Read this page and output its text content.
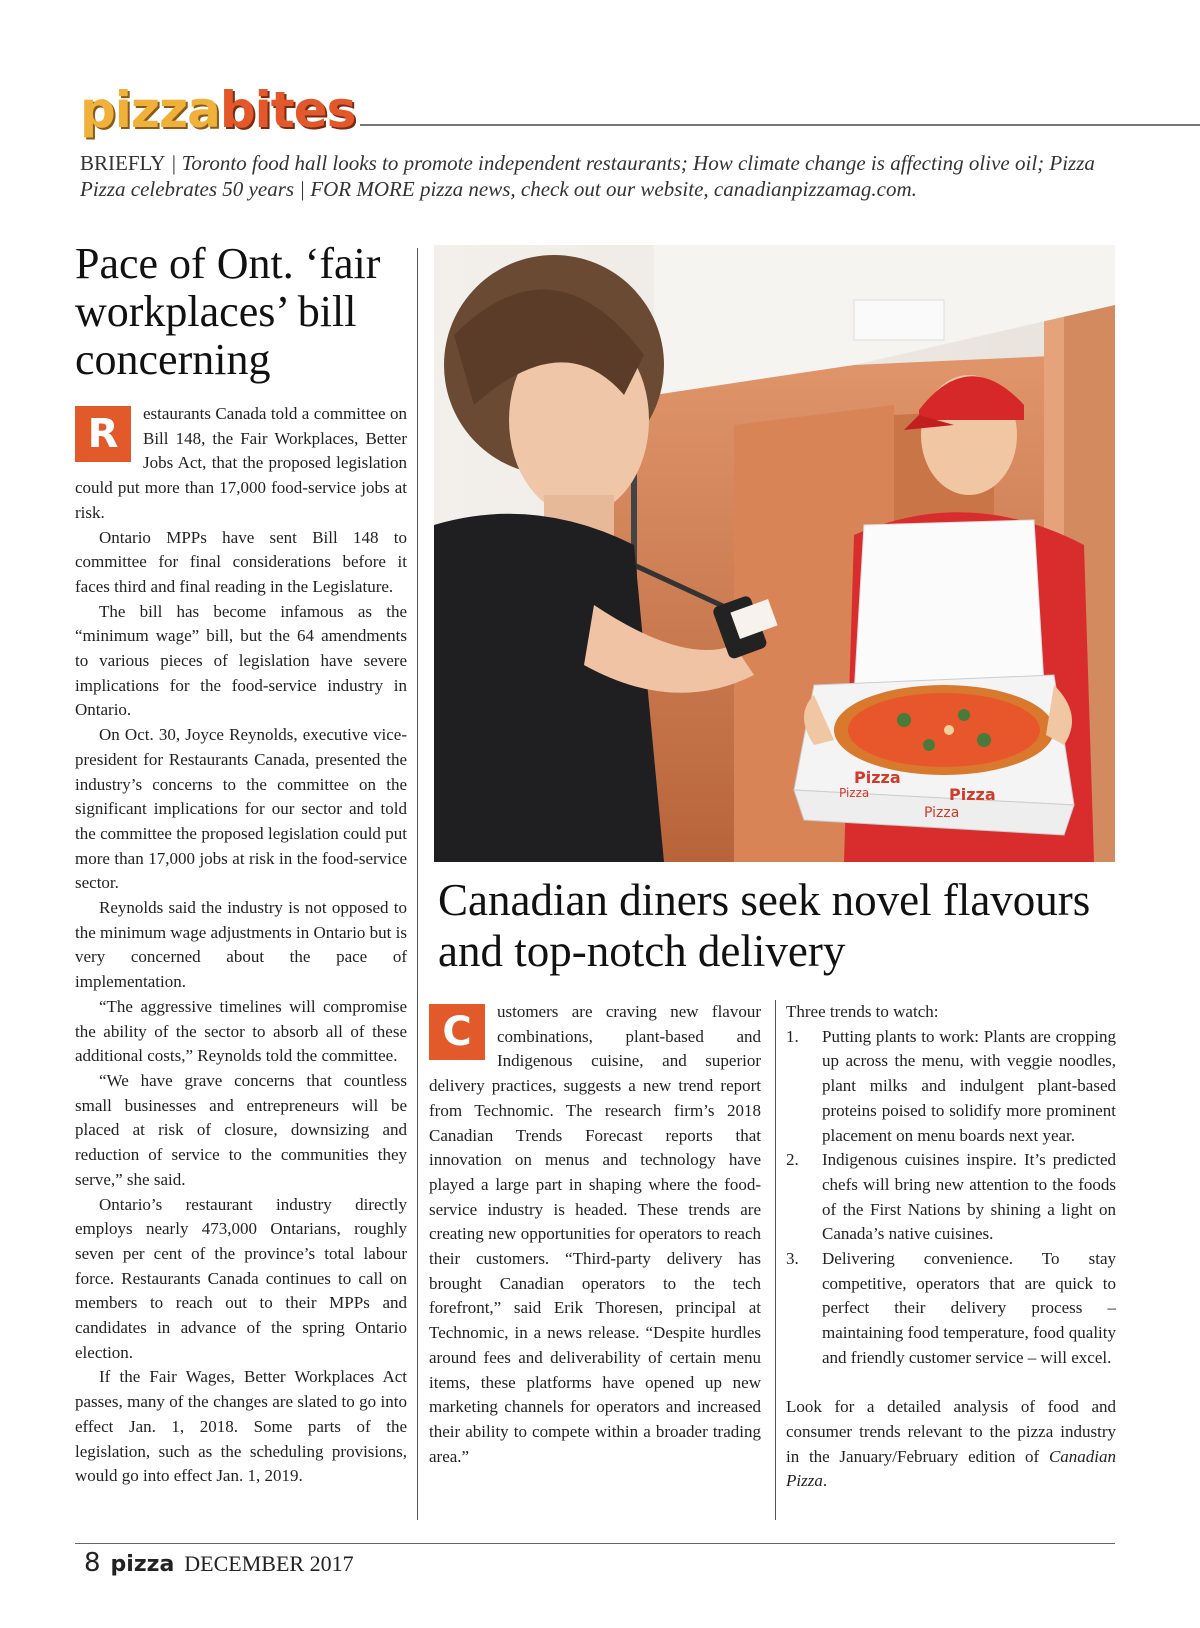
pizzabites
BRIEFLY | Toronto food hall looks to promote independent restaurants; How climate change is affecting olive oil; Pizza Pizza celebrates 50 years | FOR MORE pizza news, check out our website, canadianpizzamag.com.
Pace of Ont. ‘fair workplaces’ bill concerning

R	estaurants Canada told a committee on Bill 148, the Fair Workplaces, Better Jobs Act, that the proposed legislation could put more than 17,000 food-service jobs at risk.

Ontario MPPs have sent Bill 148 to committee for final considerations before it faces third and final reading in the Legislature.

The bill has become infamous as the “minimum wage” bill, but the 64 amendments to various pieces of legislation have severe implications for the food-service industry in Ontario.

On Oct. 30, Joyce Reynolds, executive vice-president for Restaurants Canada, presented the industry’s concerns to the committee on the significant implications for our sector and told the committee the proposed legislation could put more than 17,000 jobs at risk in the food-service sector.

Reynolds said the industry is not opposed to the minimum wage adjustments in Ontario but is very concerned about the pace of implementation.

“The aggressive timelines will compromise the ability of the sector to absorb all of these additional costs,” Reynolds told the committee.

“We have grave concerns that countless small businesses and entrepreneurs will be placed at risk of closure, downsizing and reduction of service to the communities they serve,” she said.

Ontario’s restaurant industry directly employs nearly 473,000 Ontarians, roughly seven per cent of the province’s total labour force. Restaurants Canada continues to call on members to reach out to their MPPs and candidates in advance of the spring Ontario election.

If the Fair Wages, Better Workplaces Act passes, many of the changes are slated to go into effect Jan. 1, 2018. Some parts of the legislation, such as the scheduling provisions, would go into effect Jan. 1, 2019.

Pizza
Pizza
Pizza
Pizza
Canadian diners seek novel flavours and top-notch delivery

C	ustomers are craving new flavour combinations, plant-based and Indigenous cuisine, and superior delivery practices, suggests a new trend report from Technomic. The research firm’s 2018 Canadian Trends Forecast reports that innovation on menus and technology have played a large part in shaping where the food-service industry is headed. These trends are creating new opportunities for operators to reach their customers. “Third-party delivery has brought Canadian operators to the tech forefront,” said Erik Thoresen, principal at Technomic, in a news release. “Despite hurdles around fees and deliverability of certain menu items, these platforms have opened up new marketing channels for operators and increased their ability to compete within a broader trading area.”

Three trends to watch:

1.	Putting plants to work: Plants are cropping up across the menu, with veggie noodles, plant milks and indulgent plant-based proteins poised to solidify more prominent placement on menu boards next year.
2.	Indigenous cuisines inspire. It’s predicted chefs will bring new attention to the foods of the First Nations by shining a light on Canada’s native cuisines.
3.	Delivering convenience. To stay competitive, operators that are quick to perfect their delivery process – maintaining food temperature, food quality and friendly customer service – will excel.

Look for a detailed analysis of food and consumer trends relevant to the pizza industry in the January/February edition of Canadian Pizza.

8 pizza DECEMBER 2017
